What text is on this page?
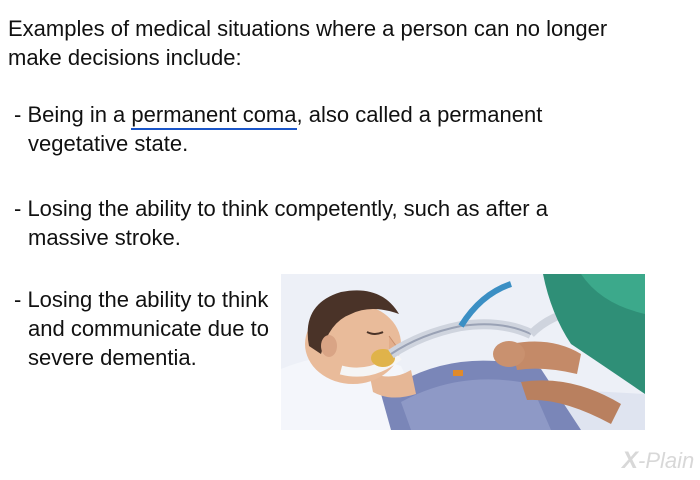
Examples of medical situations where a person can no longer make decisions include:

- Being in a permanent coma, also called a permanent vegetative state.

- Losing the ability to think competently, such as after a massive stroke.

- Losing the ability to think and communicate due to severe dementia.

X-Plain
